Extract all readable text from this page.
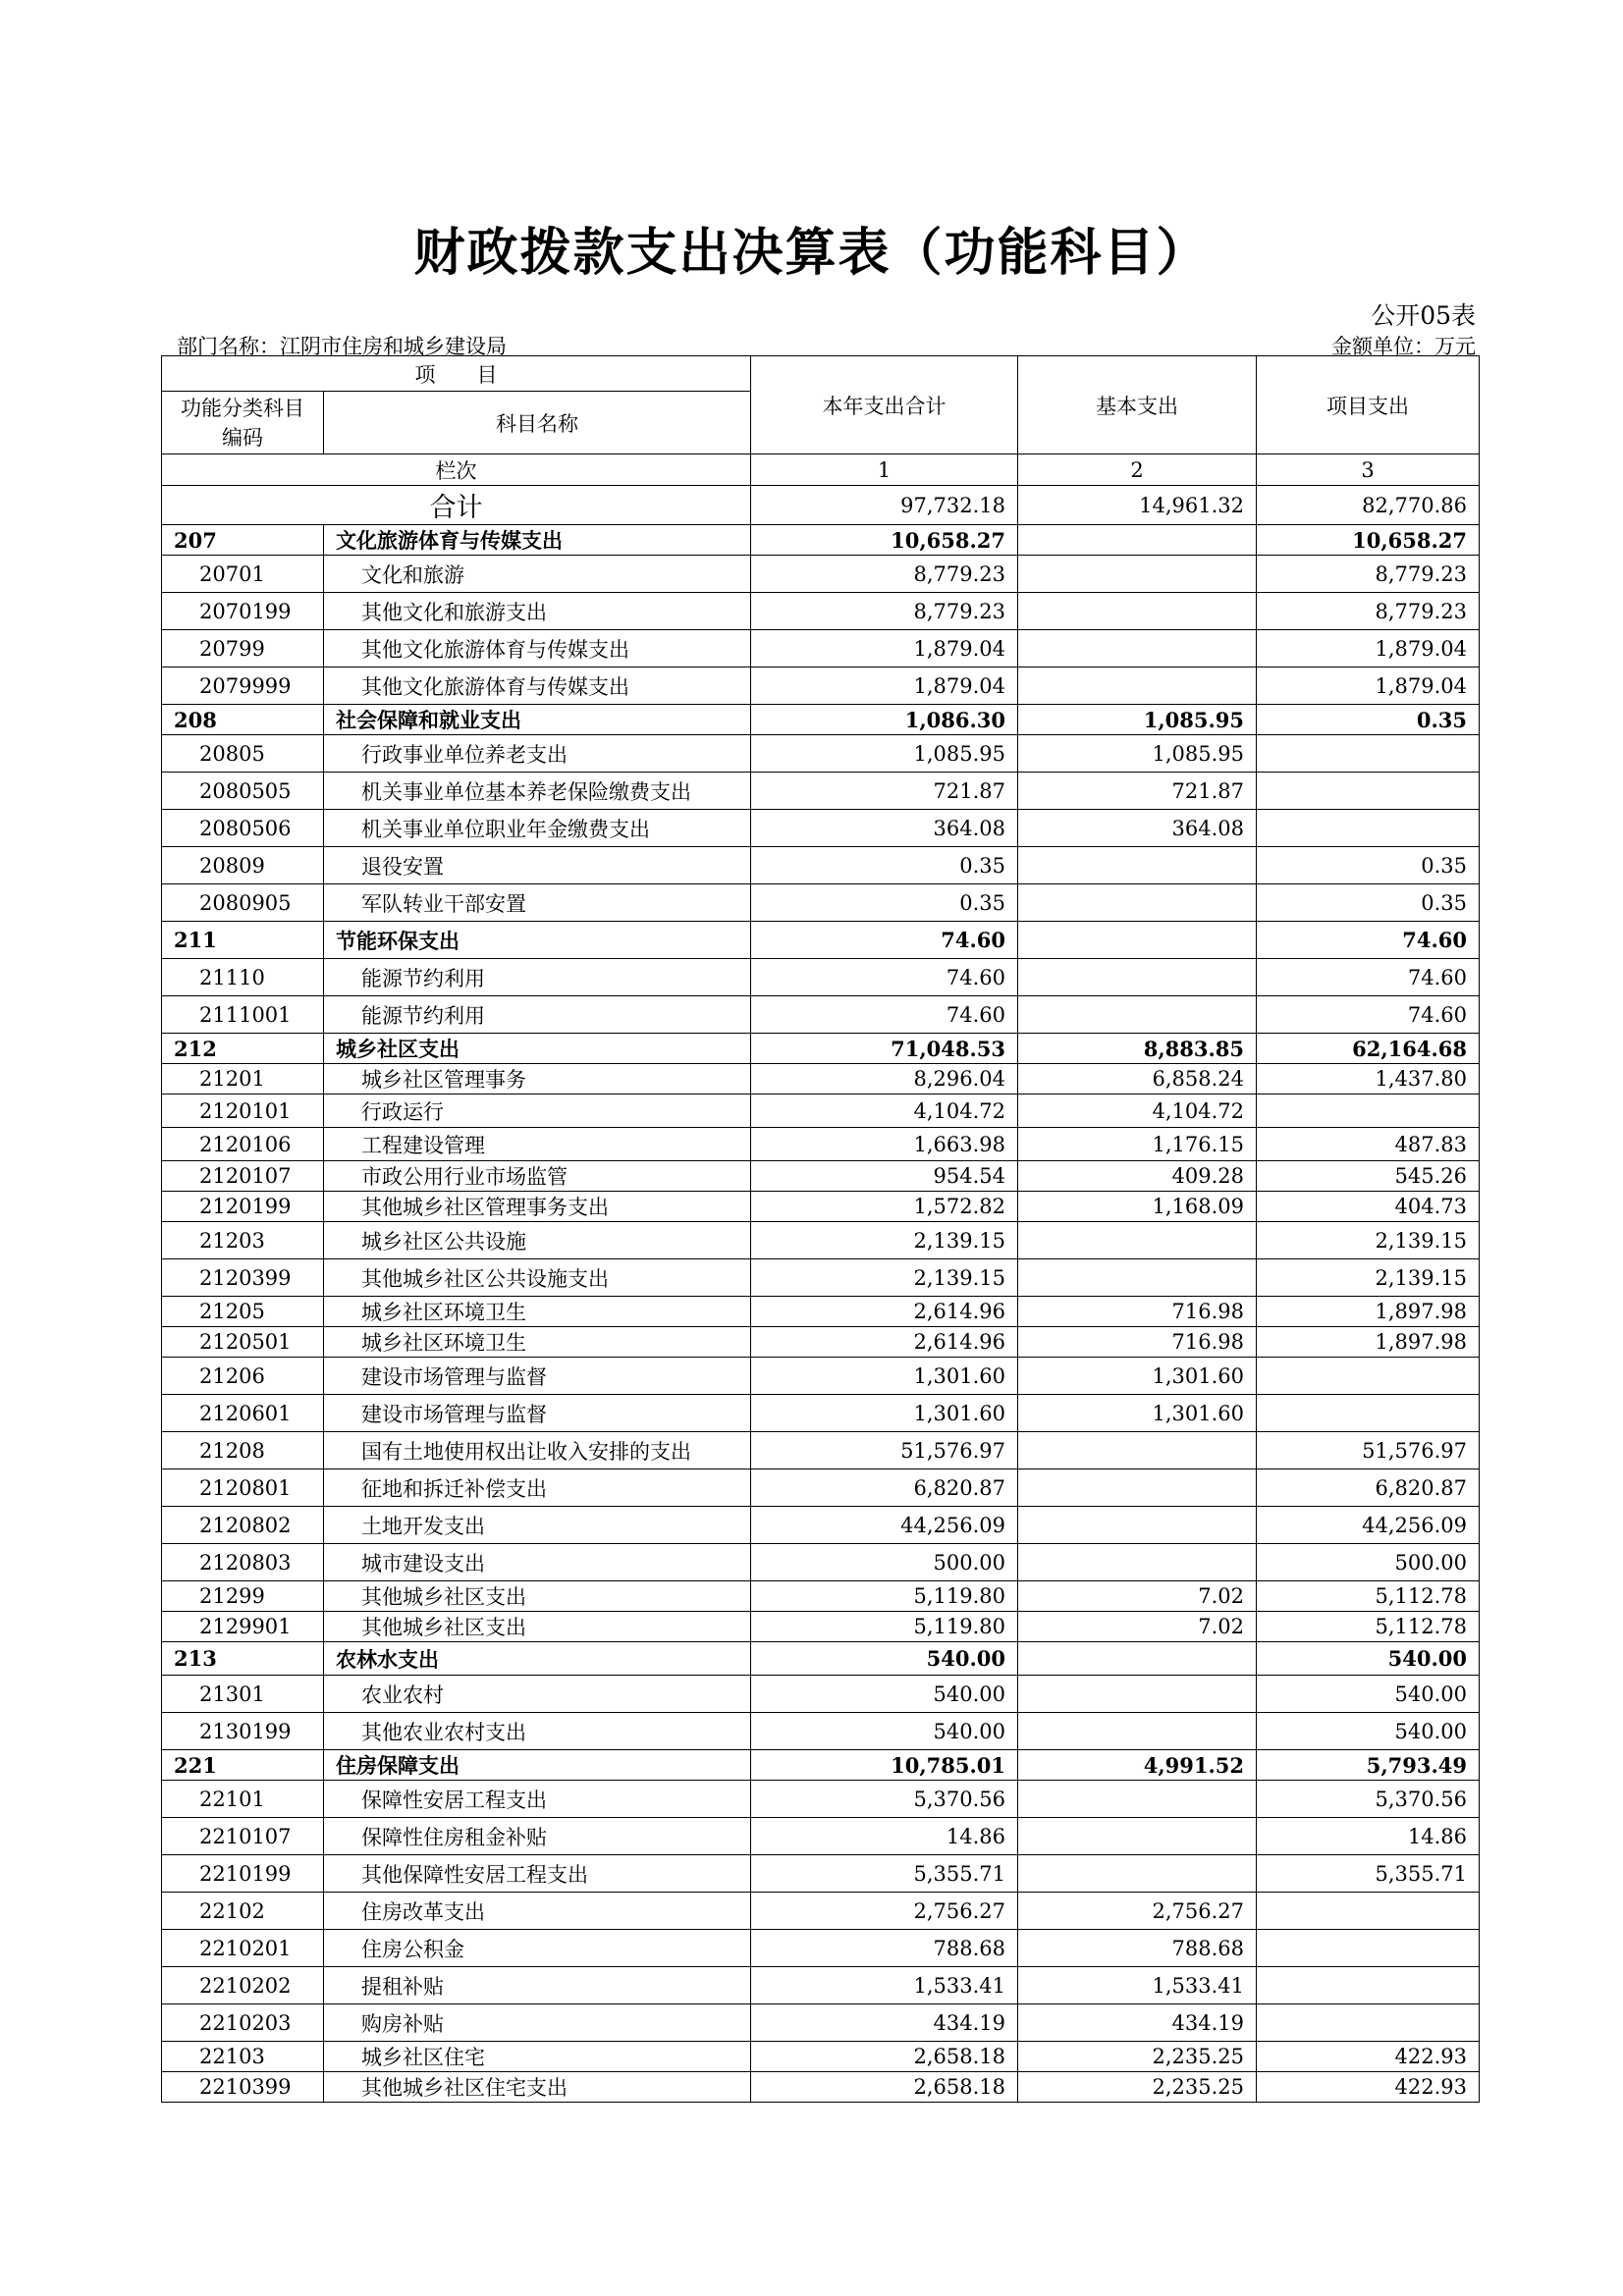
财政拨款支出决算表（功能科目）
公开05表
部门名称：江阴市住房和城乡建设局	金额单位：万元
项　　目		本年支出合计	基本支出	项目支出
功能分类科目编码	科目名称			
栏次		1	2	3
合计		97,732.18	14,961.32	82,770.86
207	文化旅游体育与传媒支出	10,658.27		10,658.27
20701	文化和旅游	8,779.23		8,779.23
2070199	其他文化和旅游支出	8,779.23		8,779.23
20799	其他文化旅游体育与传媒支出	1,879.04		1,879.04
2079999	其他文化旅游体育与传媒支出	1,879.04		1,879.04
208	社会保障和就业支出	1,086.30	1,085.95	0.35
20805	行政事业单位养老支出	1,085.95	1,085.95	
2080505	机关事业单位基本养老保险缴费支出	721.87	721.87	
2080506	机关事业单位职业年金缴费支出	364.08	364.08	
20809	退役安置	0.35		0.35
2080905	军队转业干部安置	0.35		0.35
211	节能环保支出	74.60		74.60
21110	能源节约利用	74.60		74.60
2111001	能源节约利用	74.60		74.60
212	城乡社区支出	71,048.53	8,883.85	62,164.68
21201	城乡社区管理事务	8,296.04	6,858.24	1,437.80
2120101	行政运行	4,104.72	4,104.72	
2120106	工程建设管理	1,663.98	1,176.15	487.83
2120107	市政公用行业市场监管	954.54	409.28	545.26
2120199	其他城乡社区管理事务支出	1,572.82	1,168.09	404.73
21203	城乡社区公共设施	2,139.15		2,139.15
2120399	其他城乡社区公共设施支出	2,139.15		2,139.15
21205	城乡社区环境卫生	2,614.96	716.98	1,897.98
2120501	城乡社区环境卫生	2,614.96	716.98	1,897.98
21206	建设市场管理与监督	1,301.60	1,301.60	
2120601	建设市场管理与监督	1,301.60	1,301.60	
21208	国有土地使用权出让收入安排的支出	51,576.97		51,576.97
2120801	征地和拆迁补偿支出	6,820.87		6,820.87
2120802	土地开发支出	44,256.09		44,256.09
2120803	城市建设支出	500.00		500.00
21299	其他城乡社区支出	5,119.80	7.02	5,112.78
2129901	其他城乡社区支出	5,119.80	7.02	5,112.78
213	农林水支出	540.00		540.00
21301	农业农村	540.00		540.00
2130199	其他农业农村支出	540.00		540.00
221	住房保障支出	10,785.01	4,991.52	5,793.49
22101	保障性安居工程支出	5,370.56		5,370.56
2210107	保障性住房租金补贴	14.86		14.86
2210199	其他保障性安居工程支出	5,355.71		5,355.71
22102	住房改革支出	2,756.27	2,756.27	
2210201	住房公积金	788.68	788.68	
2210202	提租补贴	1,533.41	1,533.41	
2210203	购房补贴	434.19	434.19	
22103	城乡社区住宅	2,658.18	2,235.25	422.93
2210399	其他城乡社区住宅支出	2,658.18	2,235.25	422.93
